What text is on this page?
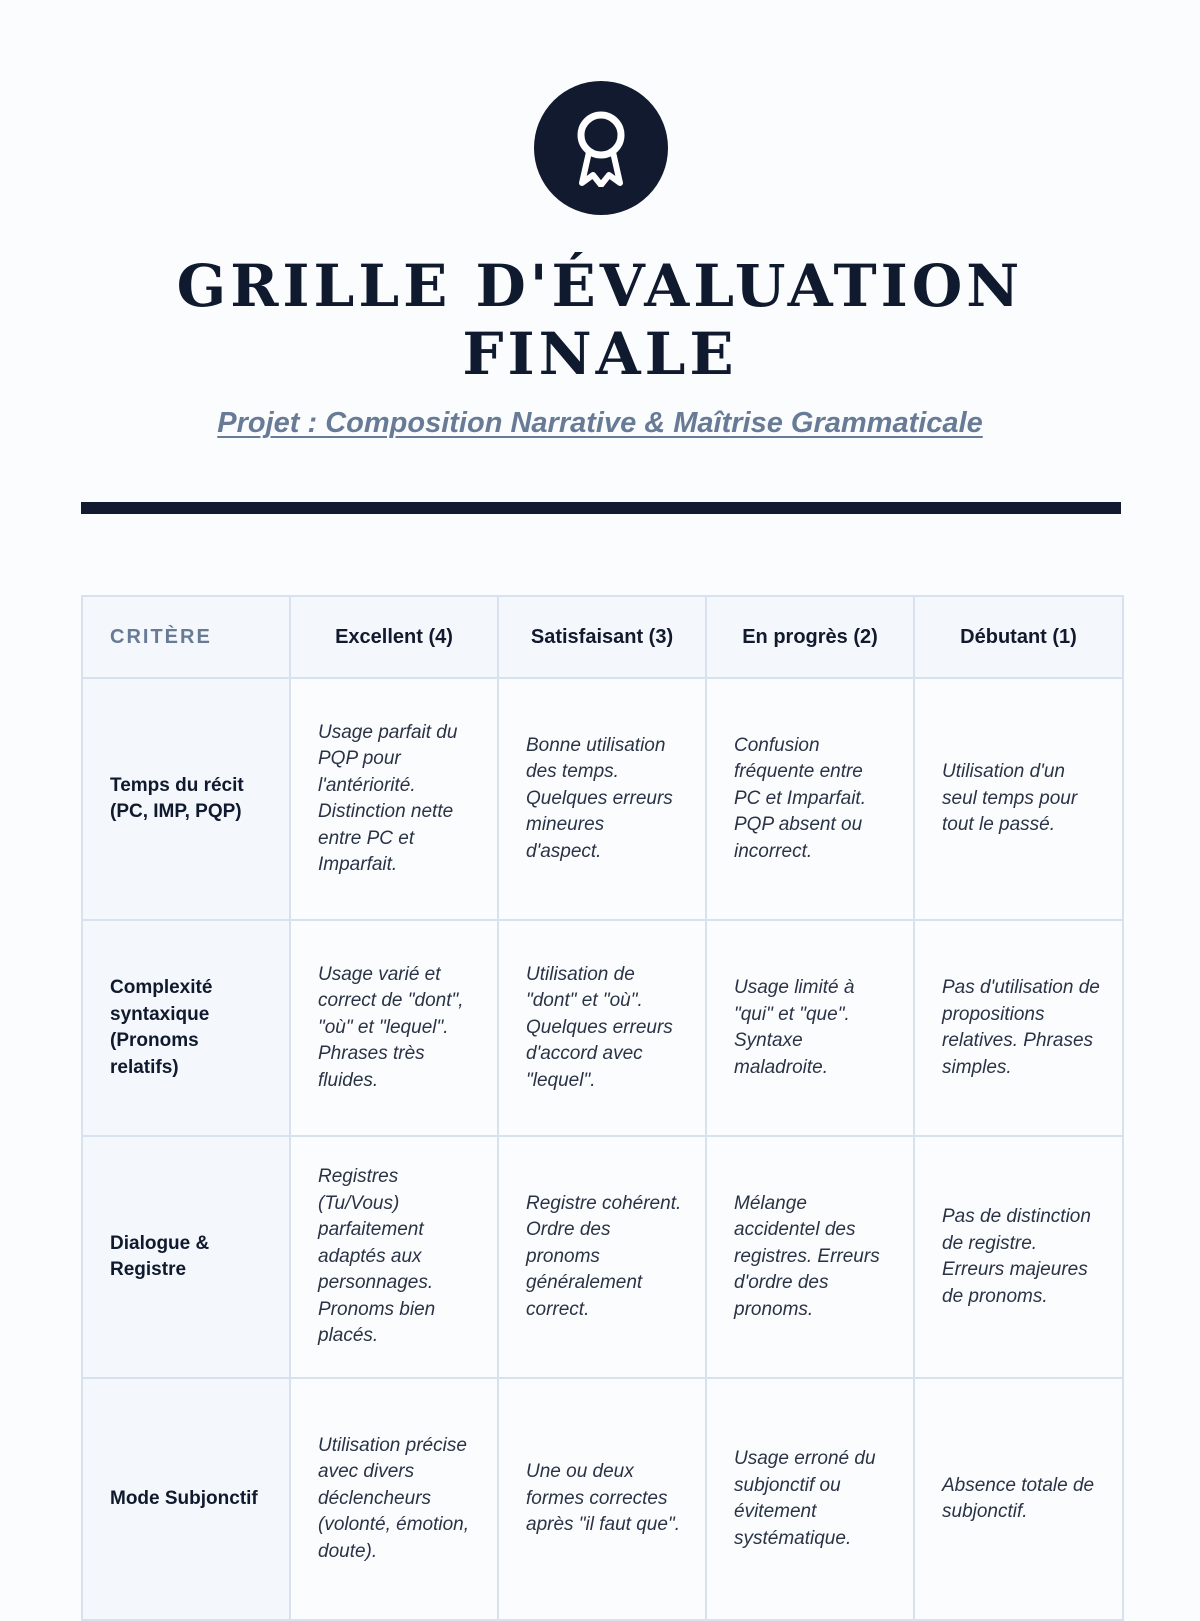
GRILLE D'ÉVALUATION
FINALE

Projet : Composition Narrative & Maîtrise Grammaticale

CRITÈRE	Excellent (4)	Satisfaisant (3)	En progrès (2)	Débutant (1)
Temps du récit (PC, IMP, PQP)	Usage parfait du PQP pour l'antériorité. Distinction nette entre PC et Imparfait.	Bonne utilisation des temps. Quelques erreurs mineures d'aspect.	Confusion fréquente entre PC et Imparfait. PQP absent ou incorrect.	Utilisation d'un seul temps pour tout le passé.
Complexité syntaxique (Pronoms relatifs)	Usage varié et correct de "dont", "où" et "lequel". Phrases très fluides.	Utilisation de "dont" et "où". Quelques erreurs d'accord avec "lequel".	Usage limité à "qui" et "que". Syntaxe maladroite.	Pas d'utilisation de propositions relatives. Phrases simples.
Dialogue & Registre	Registres (Tu/Vous) parfaitement adaptés aux personnages. Pronoms bien placés.	Registre cohérent. Ordre des pronoms généralement correct.	Mélange accidentel des registres. Erreurs d'ordre des pronoms.	Pas de distinction de registre. Erreurs majeures de pronoms.
Mode Subjonctif	Utilisation précise avec divers déclencheurs (volonté, émotion, doute).	Une ou deux formes correctes après "il faut que".	Usage erroné du subjonctif ou évitement systématique.	Absence totale de subjonctif.
